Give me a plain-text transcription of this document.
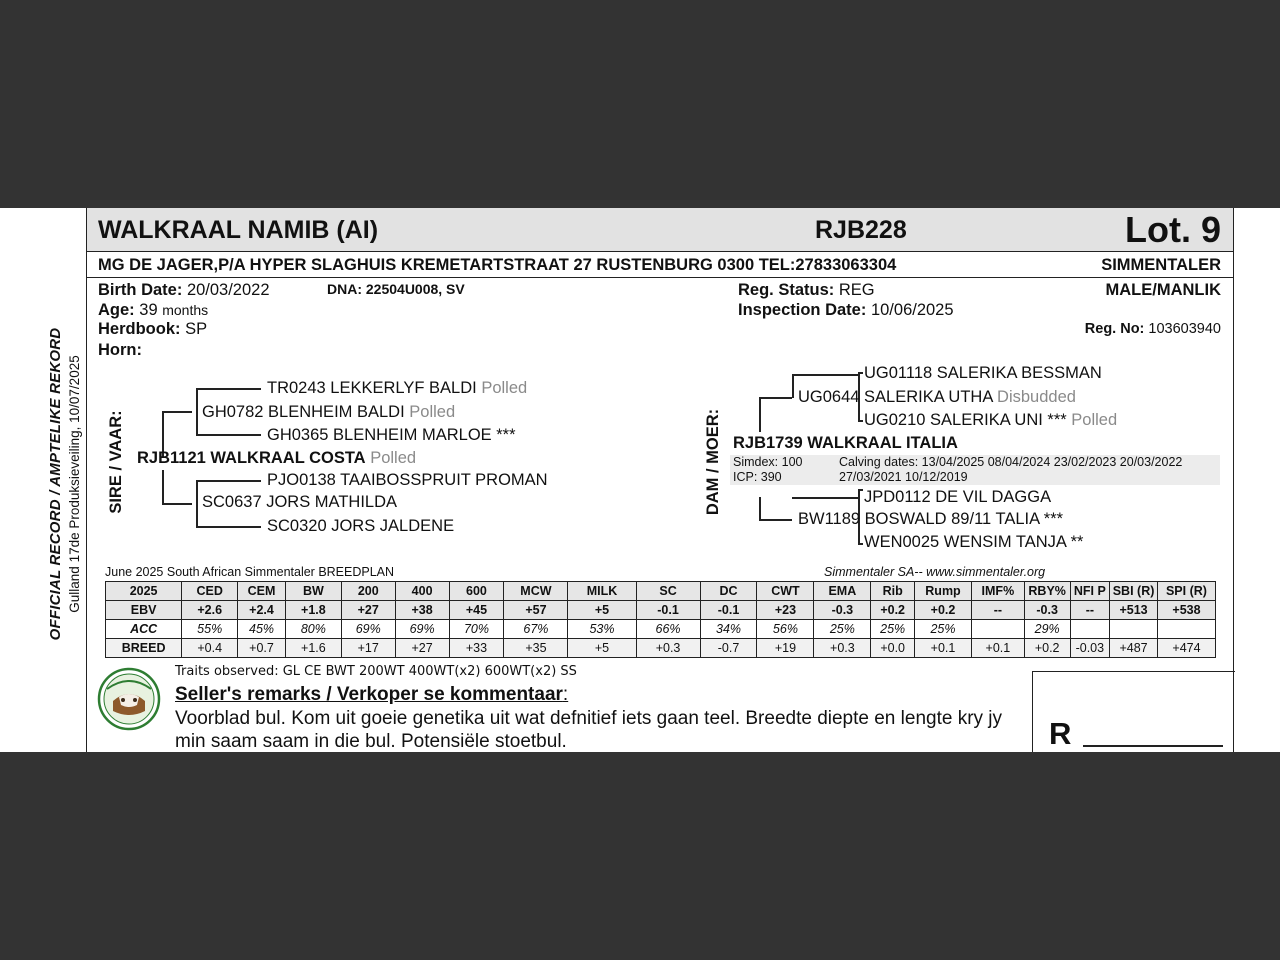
OFFICIAL RECORD / AMPTELIKE REKORD Gulland 17de Produksieveiling, 10/07/2025
WALKRAAL NAMIB (AI)	RJB228	Lot. 9
MG DE JAGER,P/A HYPER SLAGHUIS KREMETARTSTRAAT 27 RUSTENBURG 0300 TEL:27833063304	SIMMENTALER
Birth Date: 20/03/2022
Age: 39 months
Herdbook: SP
Horn:
DNA: 22504U008, SV	Reg. Status: REG
Inspection Date: 10/06/2025
MALE/MANLIK
Reg. No: 103603940
SIRE / VAAR:
TR0243 LEKKERLYF BALDI Polled
GH0782 BLENHEIM BALDI Polled
GH0365 BLENHEIM MARLOE ***
RJB1121 WALKRAAL COSTA Polled
PJO0138 TAAIBOSSPRUIT PROMAN
SC0637 JORS MATHILDA
SC0320 JORS JALDENE
DAM / MOER:
UG01118 SALERIKA BESSMAN
UG0644 SALERIKA UTHA Disbudded
UG0210 SALERIKA UNI *** Polled
RJB1739 WALKRAAL ITALIA
Simdex: 100
ICP: 390
Calving dates: 13/04/2025 08/04/2024 23/02/2023 20/03/2022
27/03/2021 10/12/2019
JPD0112 DE VIL DAGGA
BW1189 BOSWALD 89/11 TALIA ***
WEN0025 WENSIM TANJA **
June 2025 South African Simmentaler BREEDPLAN	Simmentaler SA-- www.simmentaler.org
2025	CED	CEM	BW	200	400	600	MCW	MILK	SC	DC	CWT	EMA	Rib	Rump	IMF%	RBY%	NFI P	SBI (R)	SPI (R)
EBV	+2.6	+2.4	+1.8	+27	+38	+45	+57	+5	-0.1	-0.1	+23	-0.3	+0.2	+0.2	--	-0.3	--	+513	+538
ACC	55%	45%	80%	69%	69%	70%	67%	53%	66%	34%	56%	25%	25%	25%		29%			
BREED	+0.4	+0.7	+1.6	+17	+27	+33	+35	+5	+0.3	-0.7	+19	+0.3	+0.0	+0.1	+0.1	+0.2	-0.03	+487	+474
Traits observed: GL CE BWT 200WT 400WT(x2) 600WT(x2) SS
Seller's remarks / Verkoper se kommentaar:
Voorblad bul. Kom uit goeie genetika uit wat defnitief iets gaan teel. Breedte diepte en lengte kry jy
min saam saam in die bul. Potensiële stoetbul.	R
